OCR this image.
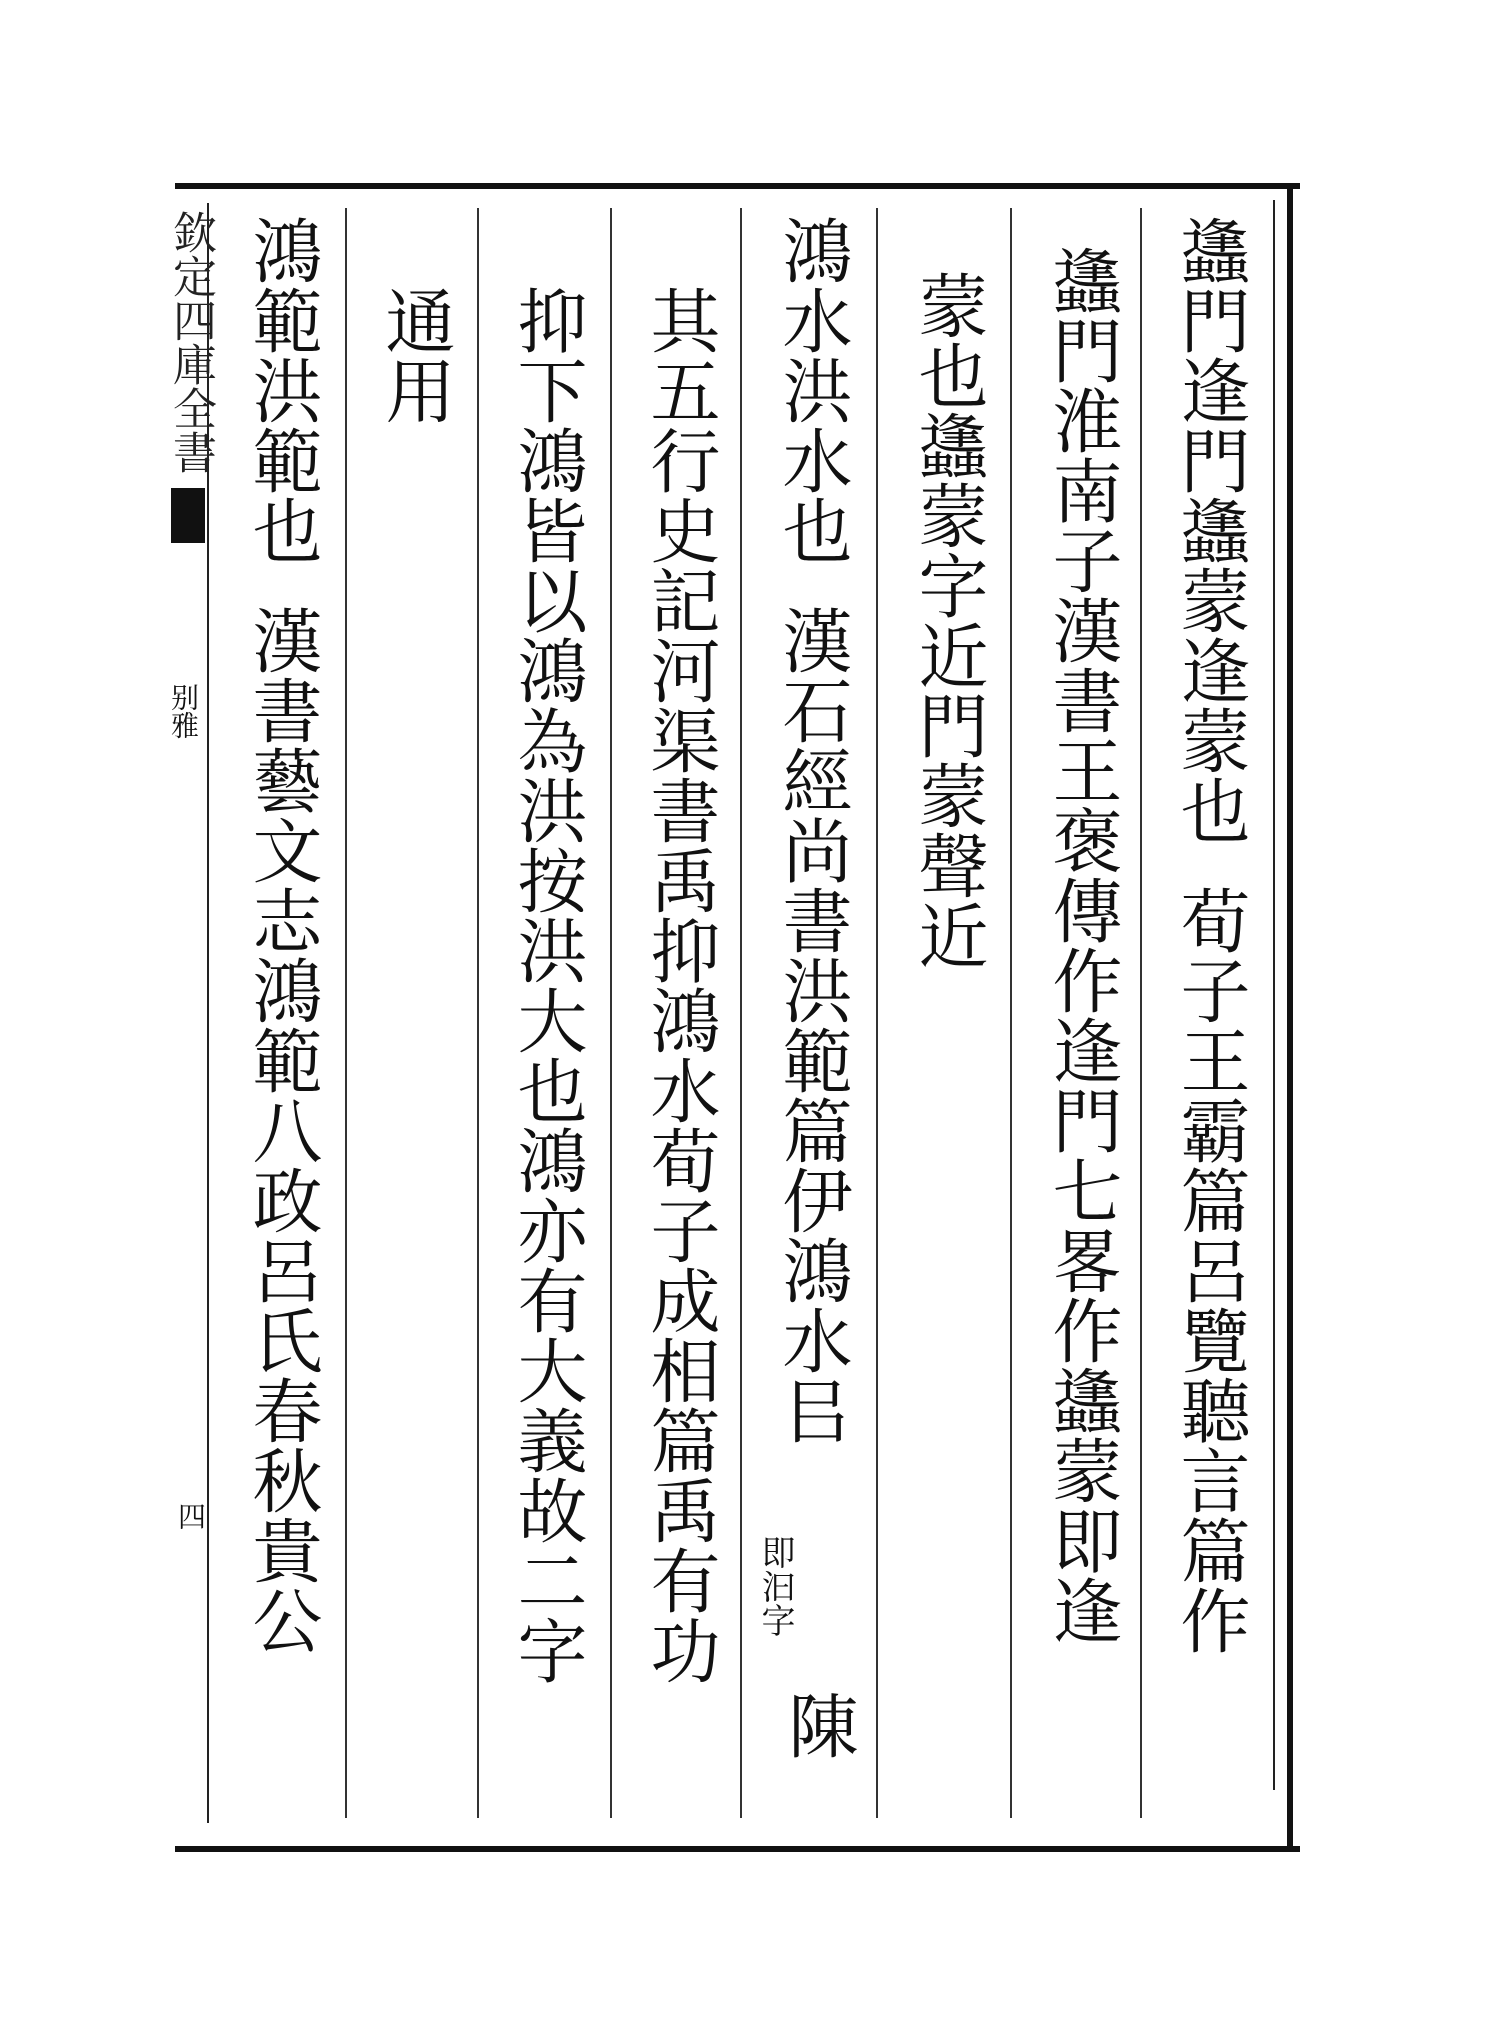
欽定四庫全書
别雅
四
蠭門逢門蠭蒙逢蒙也
荀子王霸篇呂覽聽言篇作
蠭門淮南子漢書王褒傳作逢門七畧作蠭蒙即逢
蒙也蠭蒙字近門蒙聲近
鴻水洪水也
漢石經尚書洪範篇伊鴻水㠯
即汩字
陳
其五行史記河渠書禹抑鴻水荀子成相篇禹有功
抑下鴻皆以鴻為洪按洪大也鴻亦有大義故二字
通用
鴻範洪範也
漢書藝文志鴻範八政呂氏春秋貴公
